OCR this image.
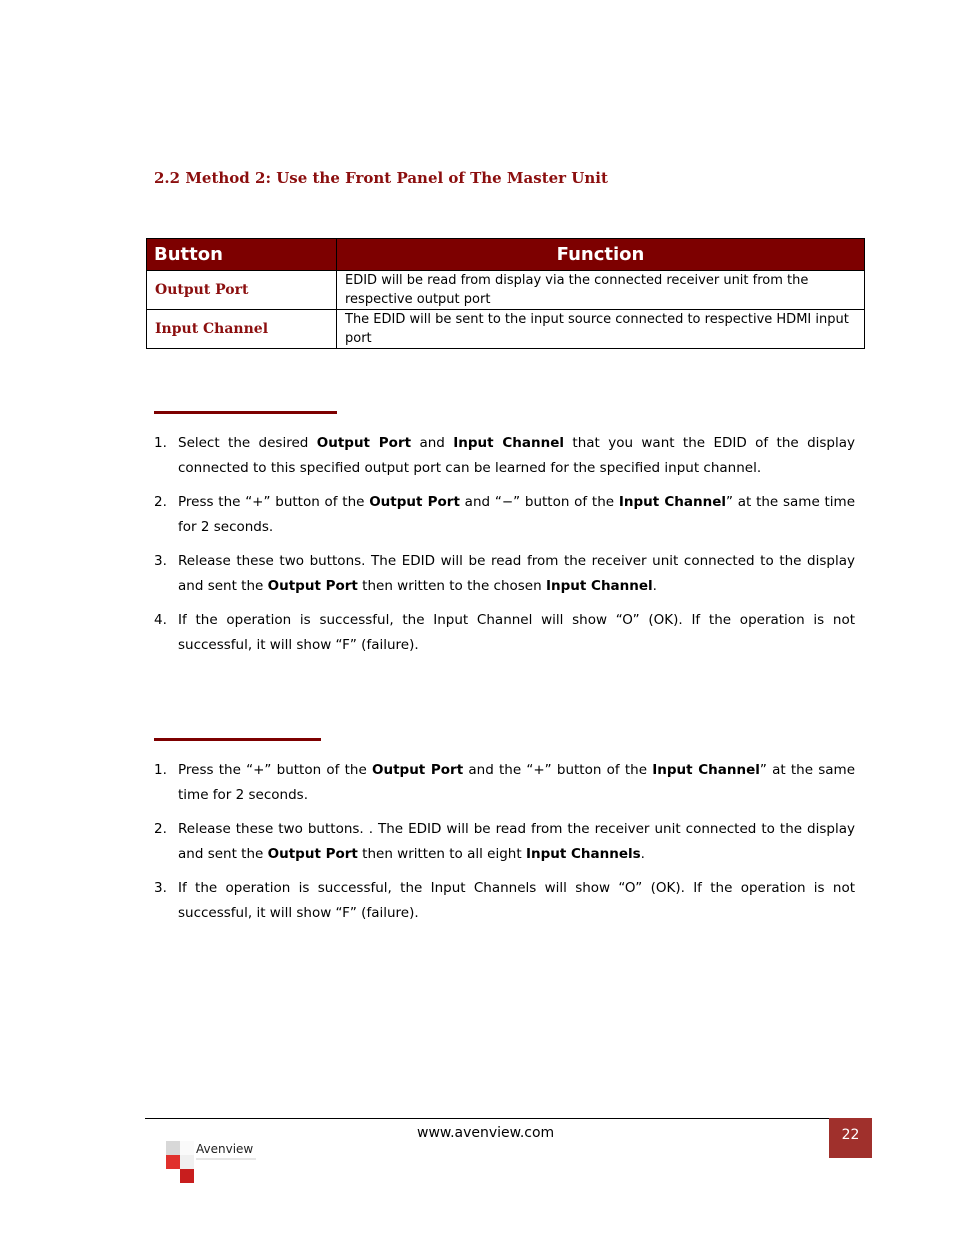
2.2 Method 2: Use the Front Panel of The Master Unit
Button	Function
Output Port	EDID will be read from display via the connected receiver unit from the respective output port
Input Channel	The EDID will be sent to the input source connected to respective HDMI input port
1. Select the desired Output Port and Input Channel that you want the EDID of the display connected to this specified output port can be learned for the specified input channel.
2. Press the “+” button of the Output Port and “−” button of the Input Channel” at the same time for 2 seconds.
3. Release these two buttons. The EDID will be read from the receiver unit connected to the display and sent the Output Port then written to the chosen Input Channel.
4. If the operation is successful, the Input Channel will show “O” (OK). If the operation is not successful, it will show “F” (failure).
1. Press the “+” button of the Output Port and the “+” button of the Input Channel” at the same time for 2 seconds.
2. Release these two buttons. . The EDID will be read from the receiver unit connected to the display and sent the Output Port then written to all eight Input Channels.
3. If the operation is successful, the Input Channels will show “O” (OK). If the operation is not successful, it will show “F” (failure).
www.avenview.com	22
Avenview
